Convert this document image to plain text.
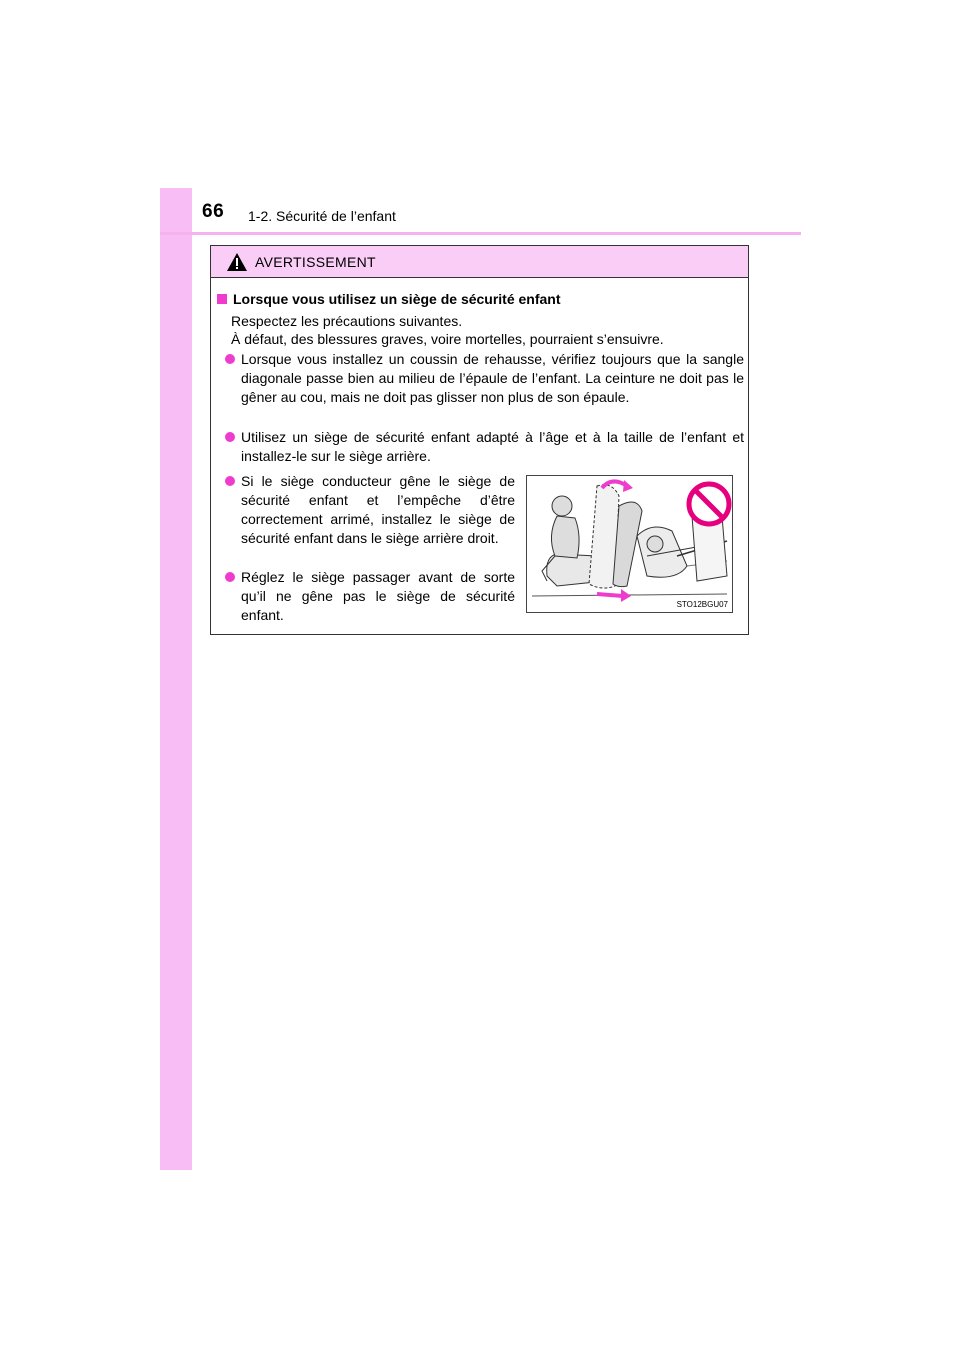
66 1-2. Sécurité de l’enfant
AVERTISSEMENT
Lorsque vous utilisez un siège de sécurité enfant
Respectez les précautions suivantes.
À défaut, des blessures graves, voire mortelles, pourraient s’ensuivre.
Lorsque vous installez un coussin de rehausse, vérifiez toujours que la sangle diagonale passe bien au milieu de l’épaule de l’enfant. La ceinture ne doit pas le gêner au cou, mais ne doit pas glisser non plus de son épaule.
Utilisez un siège de sécurité enfant adapté à l’âge et à la taille de l’enfant et installez-le sur le siège arrière.
Si le siège conducteur gêne le siège de sécurité enfant et l’empêche d’être correctement arrimé, installez le siège de sécurité enfant dans le siège arrière droit.
Réglez le siège passager avant de sorte qu’il ne gêne pas le siège de sécurité enfant.
STO12BGU07
